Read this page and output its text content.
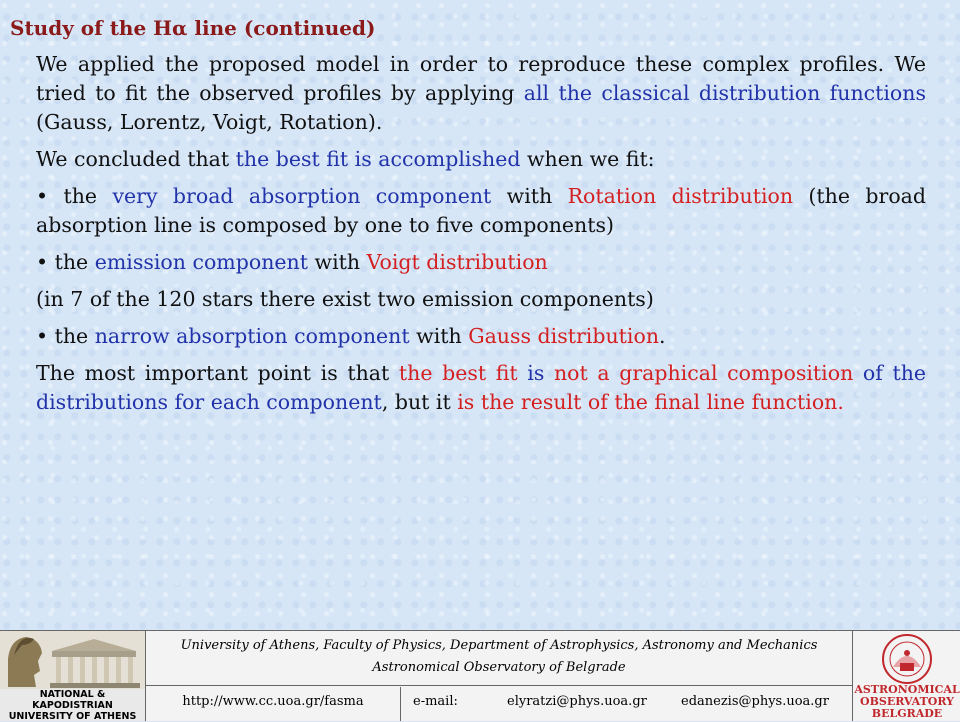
Study of the Hα line (continued)

We applied the proposed model in order to reproduce these complex profiles. We tried to fit the observed profiles by applying all the classical distribution functions (Gauss, Lorentz, Voigt, Rotation).

We concluded that the best fit is accomplished when we fit:

• the very broad absorption component with Rotation distribution (the broad absorption line is composed by one to five components)

• the emission component with Voigt distribution

(in 7 of the 120 stars there exist two emission components)

• the narrow absorption component with Gauss distribution.

The most important point is that the best fit is not a graphical composition of the distributions for each component, but it is the result of the final line function.

NATIONAL & KAPODISTRIAN
UNIVERSITY OF ATHENS
University of Athens, Faculty of Physics, Department of Astrophysics, Astronomy and Mechanics
Astronomical Observatory of Belgrade
http://www.cc.uoa.gr/fasma	e-mail:	elyratzi@phys.uoa.gr	edanezis@phys.uoa.gr
ASTRONOMICAL
OBSERVATORY
BELGRADE
